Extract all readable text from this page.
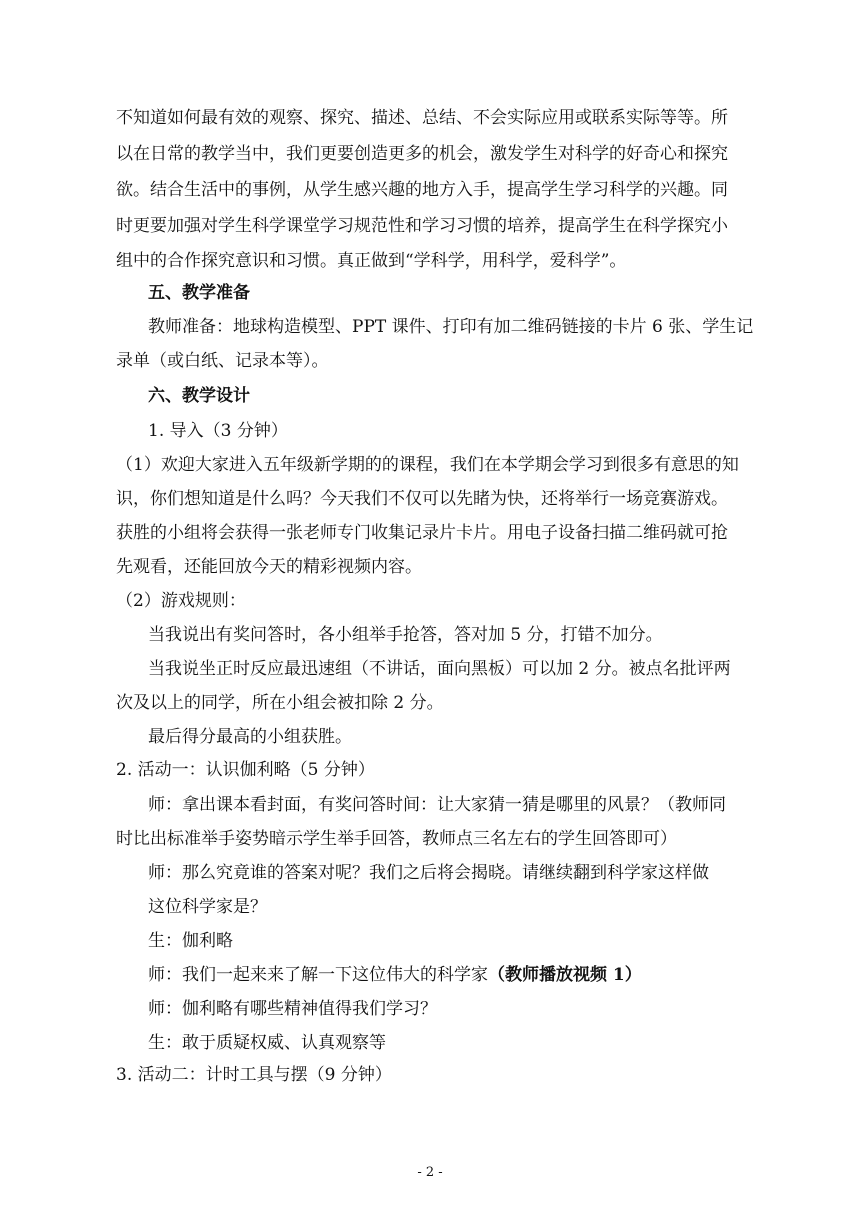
不知道如何最有效的观察、探究、描述、总结、不会实际应用或联系实际等等。所
以在日常的教学当中，我们更要创造更多的机会，激发学生对科学的好奇心和探究
欲。结合生活中的事例，从学生感兴趣的地方入手，提高学生学习科学的兴趣。同
时更要加强对学生科学课堂学习规范性和学习习惯的培养，提高学生在科学探究小
组中的合作探究意识和习惯。真正做到“学科学，用科学，爱科学”。
五、教学准备
教师准备：地球构造模型、PPT 课件、打印有加二维码链接的卡片 6 张、学生记
录单（或白纸、记录本等）。
六、教学设计
1. 导入（3 分钟）
（1）欢迎大家进入五年级新学期的的课程，我们在本学期会学习到很多有意思的知
识，你们想知道是什么吗？今天我们不仅可以先睹为快，还将举行一场竞赛游戏。
获胜的小组将会获得一张老师专门收集记录片卡片。用电子设备扫描二维码就可抢
先观看，还能回放今天的精彩视频内容。
（2）游戏规则：
当我说出有奖问答时，各小组举手抢答，答对加 5 分，打错不加分。
当我说坐正时反应最迅速组（不讲话，面向黑板）可以加 2 分。被点名批评两
次及以上的同学，所在小组会被扣除 2 分。
最后得分最高的小组获胜。
2. 活动一：认识伽利略（5 分钟）
师：拿出课本看封面，有奖问答时间：让大家猜一猜是哪里的风景？（教师同
时比出标准举手姿势暗示学生举手回答，教师点三名左右的学生回答即可）
师：那么究竟谁的答案对呢？我们之后将会揭晓。请继续翻到科学家这样做
这位科学家是？
生：伽利略
师：我们一起来来了解一下这位伟大的科学家（教师播放视频 1）
师：伽利略有哪些精神值得我们学习？
生：敢于质疑权威、认真观察等
3. 活动二：计时工具与摆（9 分钟）
- 2 -
